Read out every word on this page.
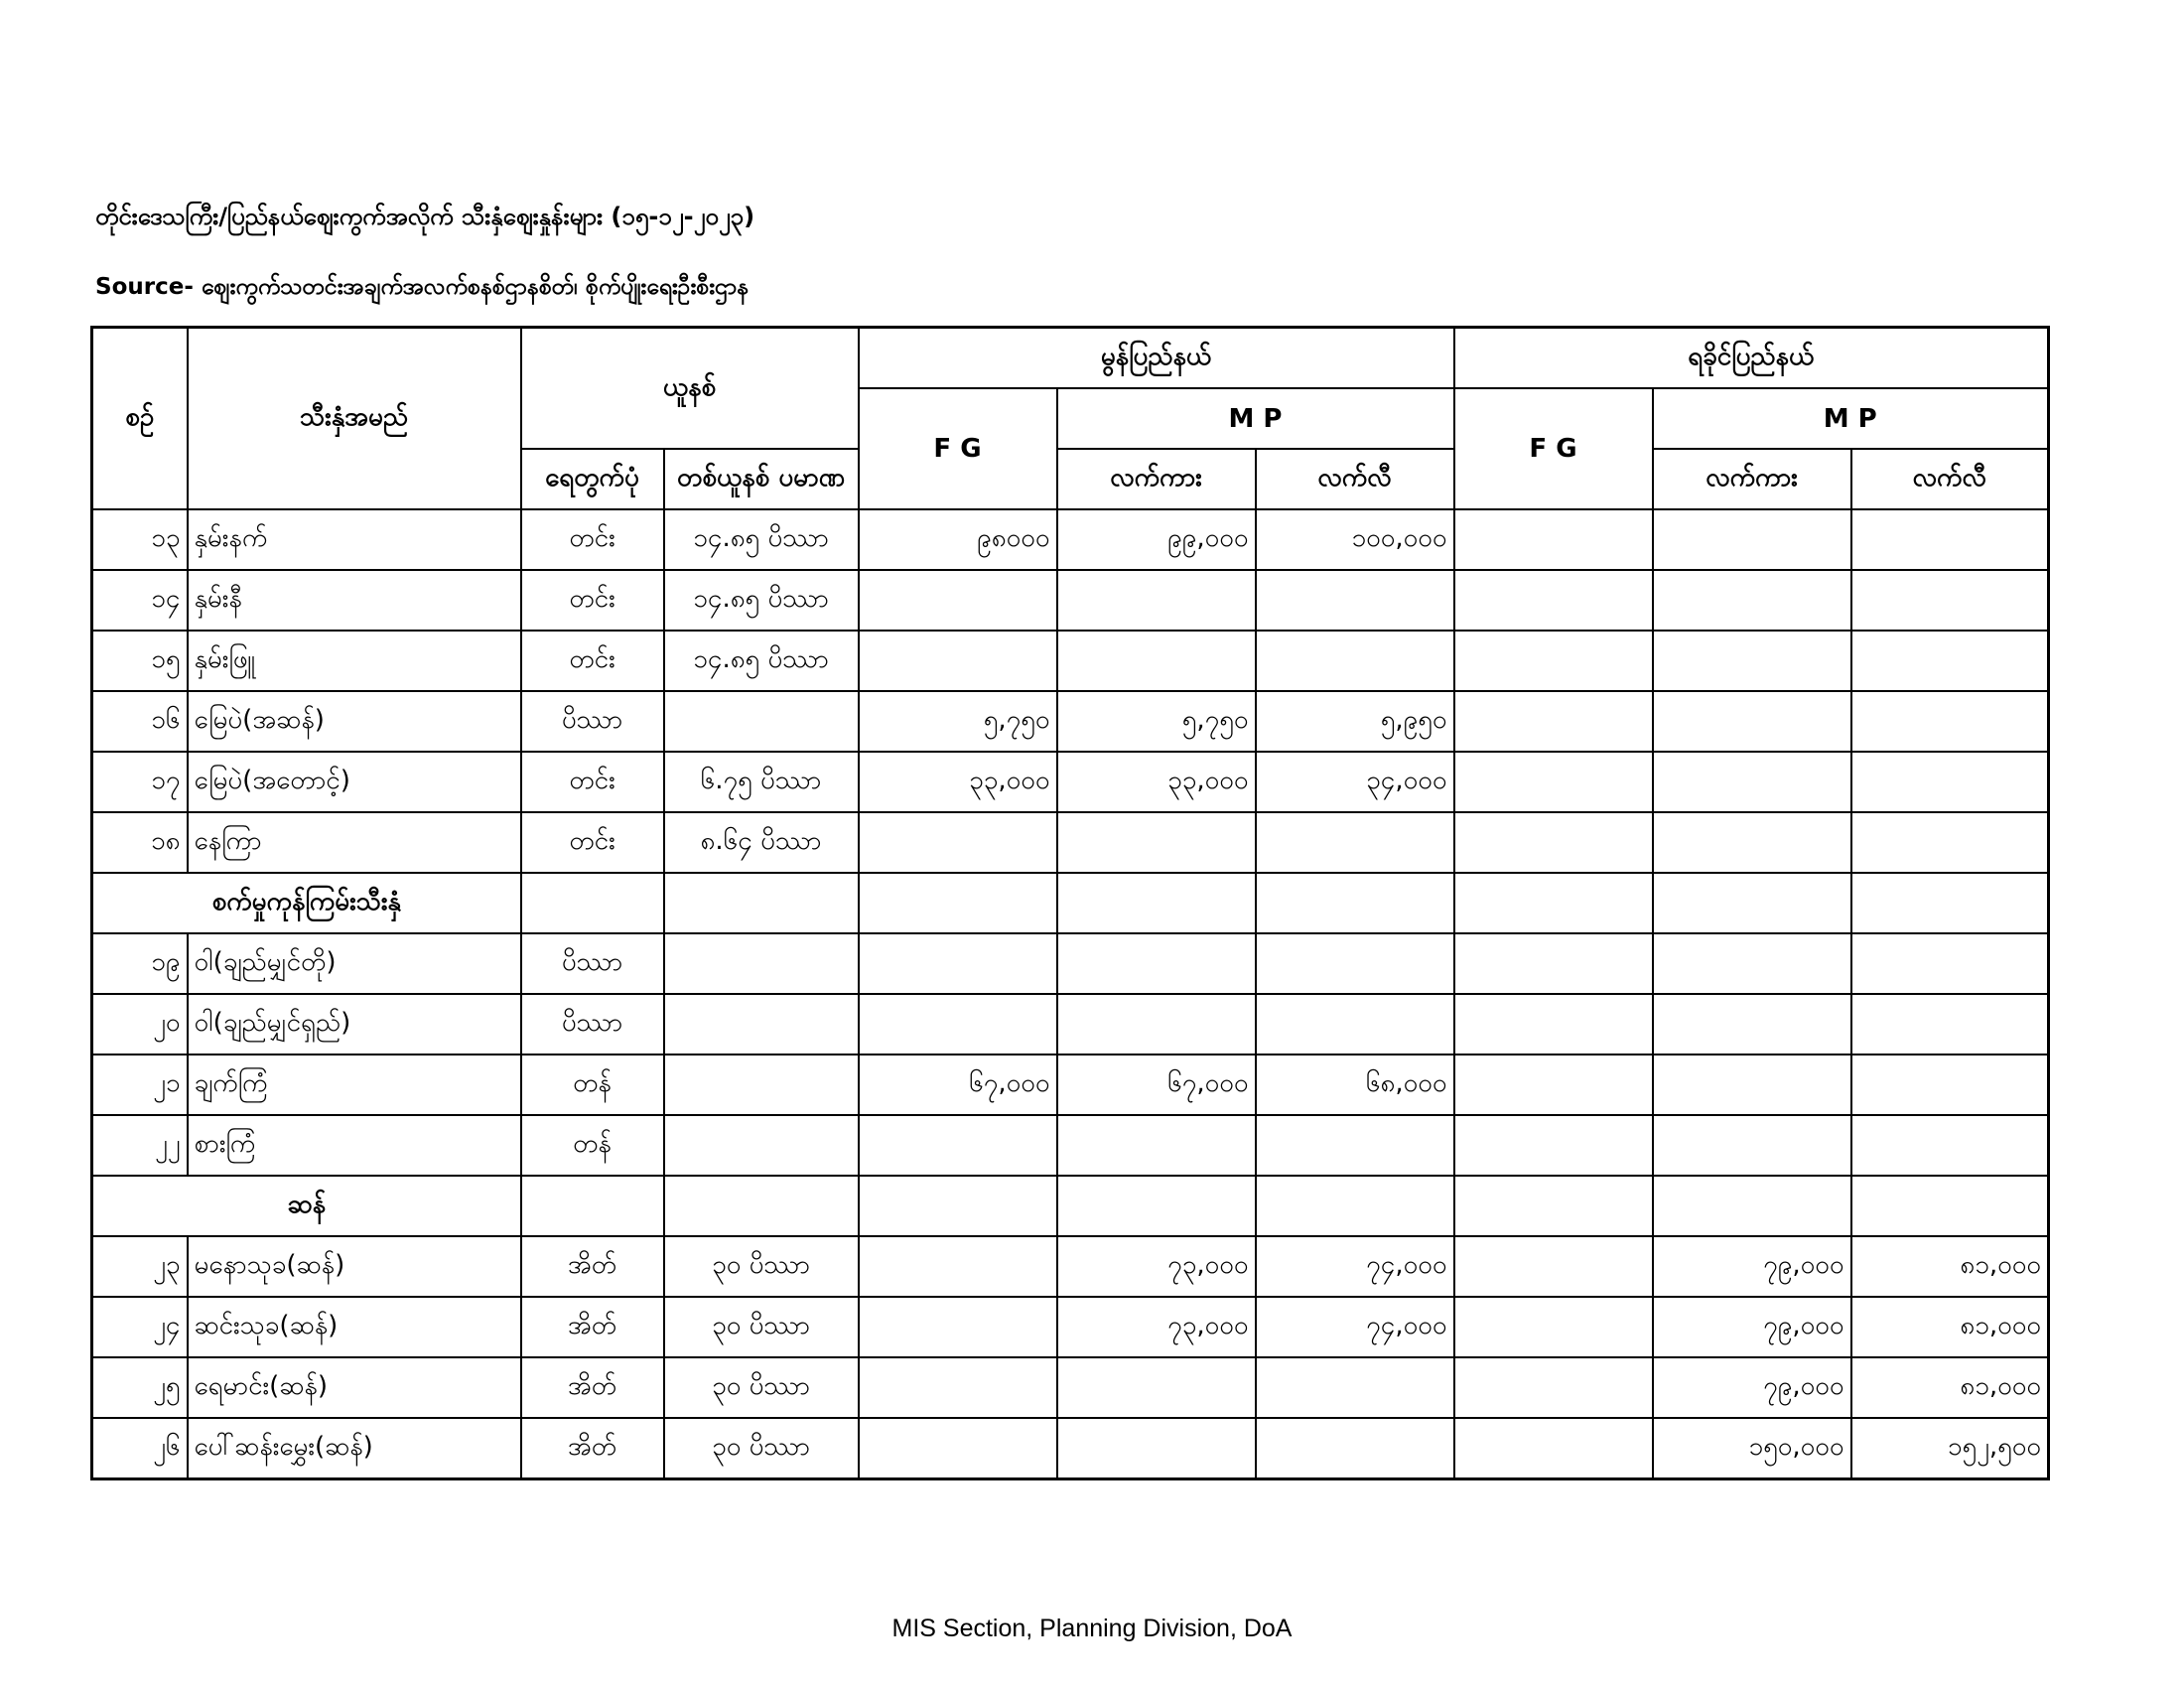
တိုင်းဒေသကြီး/ပြည်နယ်ဈေးကွက်အလိုက် သီးနှံဈေးနှုန်းများ (၁၅-၁၂-၂၀၂၃)
Source- ဈေးကွက်သတင်းအချက်အလက်စနစ်ဌာနစိတ်၊ စိုက်ပျိုးရေးဦးစီးဌာန
စဉ်	သီးနှံအမည်	ယူနစ်		မွန်ပြည်နယ်			ရခိုင်ပြည်နယ်		
				F G	M P		F G	M P	
		ရေတွက်ပုံ	တစ်ယူနစ် ပမာဏ		လက်ကား	လက်လီ		လက်ကား	လက်လီ
၁၃	နှမ်းနက်	တင်း	၁၄.၈၅ ပိဿာ	၉၈၀၀၀	၉၉,၀၀၀	၁၀၀,၀၀၀			
၁၄	နှမ်းနီ	တင်း	၁၄.၈၅ ပိဿာ						
၁၅	နှမ်းဖြူ	တင်း	၁၄.၈၅ ပိဿာ						
၁၆	မြေပဲ(အဆန်)	ပိဿာ		၅,၇၅၀	၅,၇၅၀	၅,၉၅၀			
၁၇	မြေပဲ(အတောင့်)	တင်း	၆.၇၅ ပိဿာ	၃၃,၀၀၀	၃၃,၀၀၀	၃၄,၀၀၀			
၁၈	နေကြာ	တင်း	၈.၆၄ ပိဿာ						
စက်မှုကုန်ကြမ်းသီးနှံ									
၁၉	ဝါ(ချည်မျှင်တို)	ပိဿာ							
၂၀	ဝါ(ချည်မျှင်ရှည်)	ပိဿာ							
၂၁	ချက်ကြံ	တန်		၆၇,၀၀၀	၆၇,၀၀၀	၆၈,၀၀၀			
၂၂	စားကြံ	တန်							
ဆန်									
၂၃	မနောသုခ(ဆန်)	အိတ်	၃၀ ပိဿာ		၇၃,၀၀၀	၇၄,၀၀၀		၇၉,၀၀၀	၈၁,၀၀၀
၂၄	ဆင်းသုခ(ဆန်)	အိတ်	၃၀ ပိဿာ		၇၃,၀၀၀	၇၄,၀၀၀		၇၉,၀၀၀	၈၁,၀၀၀
၂၅	ရေမာင်း(ဆန်)	အိတ်	၃၀ ပိဿာ					၇၉,၀၀၀	၈၁,၀၀၀
၂၆	ပေါ်ဆန်းမွှေး(ဆန်)	အိတ်	၃၀ ပိဿာ					၁၅၀,၀၀၀	၁၅၂,၅၀၀
MIS Section, Planning Division, DoA
